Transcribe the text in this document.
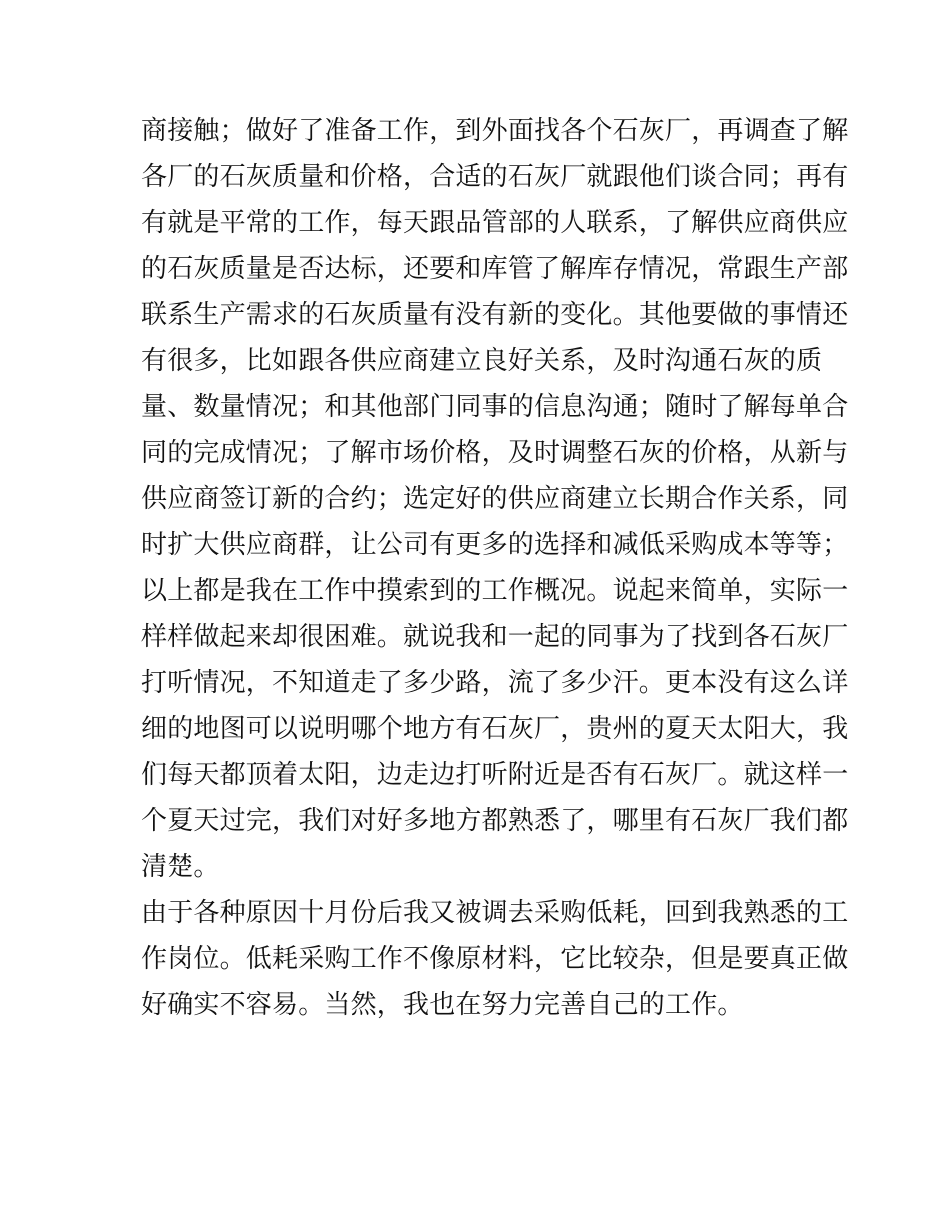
商接触；做好了准备工作，到外面找各个石灰厂，再调查了解
各厂的石灰质量和价格，合适的石灰厂就跟他们谈合同；再有
有就是平常的工作，每天跟品管部的人联系，了解供应商供应
的石灰质量是否达标，还要和库管了解库存情况，常跟生产部
联系生产需求的石灰质量有没有新的变化。其他要做的事情还
有很多，比如跟各供应商建立良好关系，及时沟通石灰的质
量、数量情况；和其他部门同事的信息沟通；随时了解每单合
同的完成情况；了解市场价格，及时调整石灰的价格，从新与
供应商签订新的合约；选定好的供应商建立长期合作关系，同
时扩大供应商群，让公司有更多的选择和减低采购成本等等；
以上都是我在工作中摸索到的工作概况。说起来简单，实际一
样样做起来却很困难。就说我和一起的同事为了找到各石灰厂
打听情况，不知道走了多少路，流了多少汗。更本没有这么详
细的地图可以说明哪个地方有石灰厂，贵州的夏天太阳大，我
们每天都顶着太阳，边走边打听附近是否有石灰厂。就这样一
个夏天过完，我们对好多地方都熟悉了，哪里有石灰厂我们都
清楚。
由于各种原因十月份后我又被调去采购低耗，回到我熟悉的工
作岗位。低耗采购工作不像原材料，它比较杂，但是要真正做
好确实不容易。当然，我也在努力完善自己的工作。
